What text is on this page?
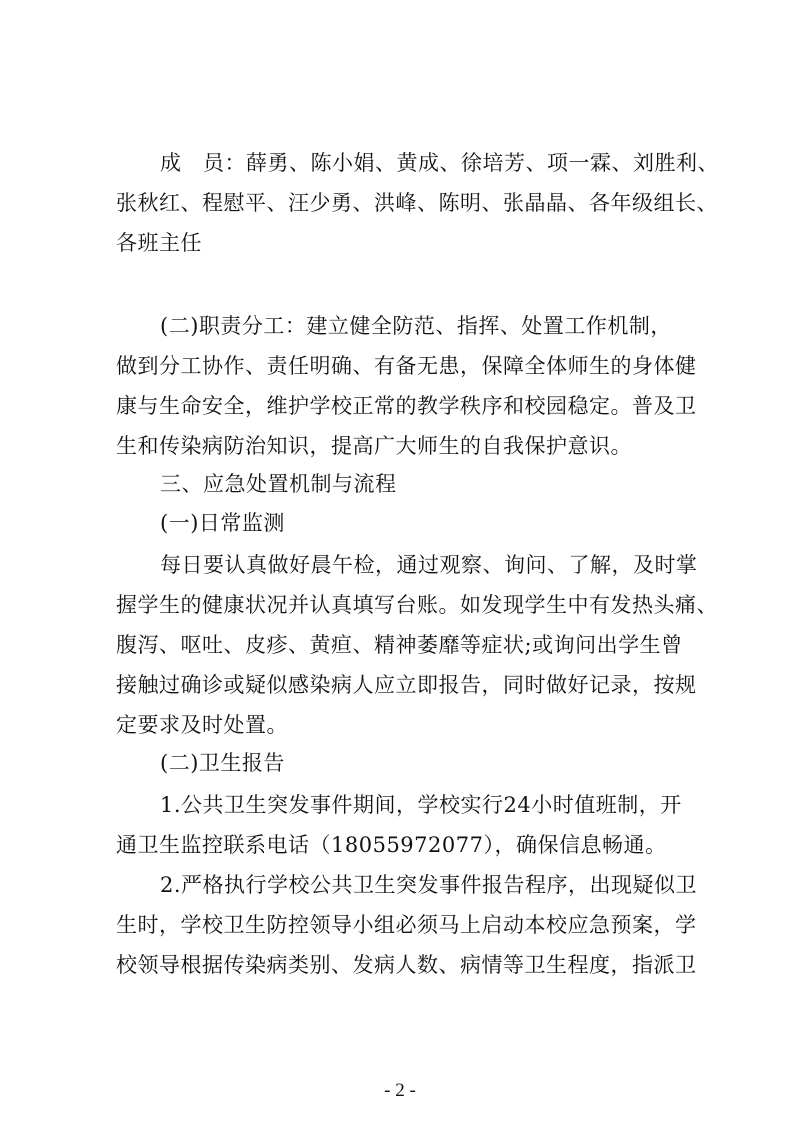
成　员：薛勇、陈小娟、黄成、徐培芳、项一霖、刘胜利、
张秋红、程慰平、汪少勇、洪峰、陈明、张晶晶、各年级组长、
各班主任
(二)职责分工：建立健全防范、指挥、处置工作机制，
做到分工协作、责任明确、有备无患，保障全体师生的身体健
康与生命安全，维护学校正常的教学秩序和校园稳定。普及卫
生和传染病防治知识，提高广大师生的自我保护意识。
三、应急处置机制与流程
(一)日常监测
每日要认真做好晨午检，通过观察、询问、了解，及时掌
握学生的健康状况并认真填写台账。如发现学生中有发热头痛、
腹泻、呕吐、皮疹、黄疸、精神萎靡等症状;或询问出学生曾
接触过确诊或疑似感染病人应立即报告，同时做好记录，按规
定要求及时处置。
(二)卫生报告
1.公共卫生突发事件期间，学校实行24小时值班制，开
通卫生监控联系电话（18055972077），确保信息畅通。
2.严格执行学校公共卫生突发事件报告程序，出现疑似卫
生时，学校卫生防控领导小组必须马上启动本校应急预案，学
校领导根据传染病类别、发病人数、病情等卫生程度，指派卫
- 2 -
